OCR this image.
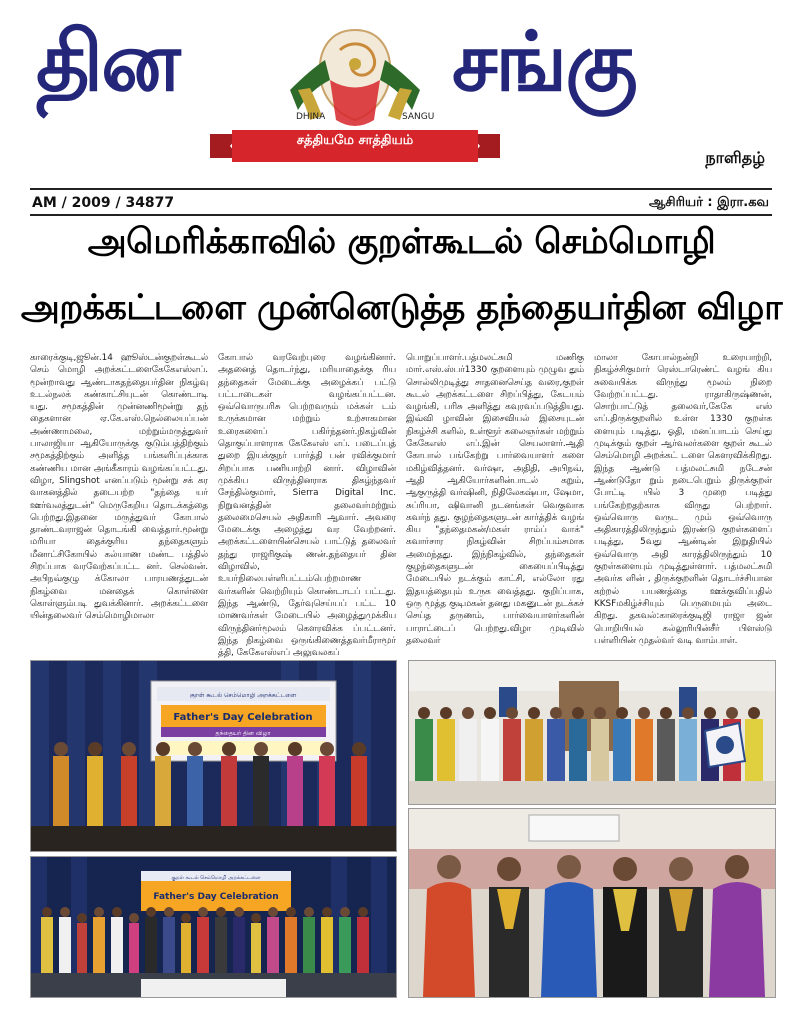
தின	சங்கு
DHINA	SANGU
சத்தியமே சாத்தியம்
நாளிதழ்
AM / 2009 / 34877	ஆசிரியர் : இரா.கவ
அமெரிக்காவில் குறள்கூடல் செம்மொழி
அறக்கட்டளை முன்னெடுத்த தந்தையர்தின விழா
காரைக்குடி,ஜூன்.14 ஹூஸ்டன்குறள்கூடல் செம் மொழி அறக்கட்டளைகேகேஎஸ்எப். மூன்றாவது ஆண்டாகதந்தையர்தின நிகழ்வு உடல்நலக் கண்காட்சியுடன் கொண்டாடி யது. சமூகத்தின் முன்னணிமூன்று தந் தைகளான ஏ.கே.எஸ்.நெல்லையப்பன் அண்ணாமலை, மற்றும்மருத்துவர் பாலாஜியா ஆகியோருக்கு குடும்பத்திற்கும் சமூகத்திற்கும் அளித்த பங்களிப்புக்காக கண்ணிய மான அங்கீகாரம் வழங்கப்பட்டது. விழா, Slingshot எனப்படும் மூன்று சக் கர வாகனத்தில் தடையற்ற "தந்தை யர் ஊர்வலத்துடன்" மெருகேறிய தொடக்கத்தை பெற்றது.இதனை மருத்துவர் கோபால் தாண்டவராஜன் தொடங்கி வைத்தார்.மூன்று மரியா தைக்குரிய தந்தைகளும் மீனாட்சிகோயில் கல்யாண மண்ட பத்தில் சிறப்பாக வரவேற்கப்பட்ட னர். செல்வன். அபிநவ்குழு க்கோலா பாரயணத்துடன் நிகழ்வை மனதைக் கொள்ளை கொள்ளும்படி துவக்கினார். அறக்கட்டளை யின்தலைவர் செம்மொழிமாலா
கோபால் வரவேற்புரை வழங்கினார். அதனைத் தொடர்ந்து, மரியாதைக்கு ரிய தந்தைகள் மேடைக்கு அழைக்கப் பட்டு பட்டாடைகள் வழங்கப்பட்டன. ஒவ்வொருபரிசு பெற்றவரும் மக்கள் டம் உருக்கமான மற்றும் உற்சாகமான உரைகளைப் பகிர்ந்தனர்.நிகழ்வின் தொகுப்பாளராக கேகேஎஸ் எப். படைப்புத் துறை இயக்குநர் பார்த்தி பன் ரவிக்குமார் சிறப்பாக பணியாற்றி னார். விழாவின் முக்கிய விருந்தினராக திகழ்ந்தவர் சேந்தில்குமார், Sierra Digital Inc. நிறுவனத்தின் தலைவர்மற்றும் தலைமைசெயல் அதிகாரி ஆவார். அவரை மேடைக்கு அழைத்து வர வேற்றனர். அறக்கட்டளையின்செயல் பாட்டுத் தலைவர் தந்து ராஜரிகுஷ் ணன்.தந்தையர் தின விழாவில், உயர்நிலைபள்ளிபட்டம்பெற்றமாண வர்களின் வெற்றியும் கொண்டாடப் பட்டது. இந்த ஆண்டு, தேர்வுசெய்யப் பட்ட 10 மாணவர்கள் மேடையில் அழைத்துமுக்கிய விருந்தினர்மூலம் கௌரவிக்க ப்பட்டனர். இந்த நிகழ்வை ஒருங்கிணைத்தவர்மீராமூர் த்தி, கேகேஎஸ்எப் அலுவலகப்
பொறுப்பாளர்.பத்மலட்சுமி மணிகு மார்.எஸ்.ஸ்பர்1330 குறளையும் முழுவ தும் சொல்லிமுடித்து சாதனைசெய்த வரை,குறள் கூடல் அறக்கட்டளை சிறப்பித்து, கேடயம் வழங்கி, பரிசு அளித்து கவுரவப்படுத்தியது. இவ்வி ழாவின் இசைவியல் இசையுடன் நிகழ்ச்சி களில், உள்ளூர் கலைஞர்கள் மற்றும் கேகேஎஸ் எப்.இன் செயலாளர்.ஆதி கோபால் பங்கேற்று பார்வையாளர் களை மகிழ்வித்தனர். வர்ஷா, அதிதி, அபிநவ், ஆதி ஆகியோர்களின்பாடல் கறும், ஆகுருத்தி வர்ஷினி, நிதிலேகஷ்யா, ஷேமா, சுப்ரியா, ஷிவானி நடனங்கள் வெகுவாக கவர்ந் தது. குழந்தைகளுடன் கார்த்திக் வழங் கிய "தந்தைமகன்/மகள் ராம்ப் வாக்" கவார்சார நிகழ்வின் சிறப்பம்சமாக அமைந்தது. இந்நிகழ்வில், தந்தைகள் குழந்தைகளுடன் கையைப்பிடித்து மேடையில் நடக்கும் காட்சி, எல்லோ ரது இதயத்தையும் உருக வைத்தது. குறிப்பாக, ஒரு மூத்த குடிமகன் தனது மகனுடன் நடக்கச் செய்த தருணம், பார்வையாளர்களின் பாராட்டைப் பெற்றது.விழா முடிவில் தலைவர்
மாலா கோபால்நன்றி உரையாற்றி, நிகழ்ச்சிகுமார் ரெஸ்டாரெண்ட் வழங் கிய சுவையிக்க விருந்து மூலம் நிறை வேற்றப்பட்டது. ராதாகிருஷ்ணன், சொற்பாட்டுத் தலைவர்,கேகே எஸ் எப்.திருக்குறளில் உள்ள 1330 குறள்க ளையும் படித்து, ஓதி, மனப்பாடம் செய்து முடிக்கும் குறள் ஆர்வலர்களை குறள் கூடல் செம்மொழி அறக்கட் டளை கௌரவிக்கிறது. இந்த ஆண்டு பத்மலட்சுமி நடேசன் ஆண்டுதோ றும் நடைபெறும் திருக்குறள் போட்டி யில் 3 முறை படித்து பங்கேற்றதற்காக விருது பெற்றார். ஒவ்வொரு வருட மும் ஒவ்வொரு அதிகாரத்திலிருந்தும் இரண்டு குறள்களைப் படித்து, 5வது ஆண்டின் இறுதியில் ஒவ்வொரு அதி காரத்திலிருந்தும் 10 குறள்களையும் முடித்துள்ளார். பத்மலட்சுமி அவர்க ளின் , திருக்குறளின் தொடர்ச்சியான கற்றல் பயணத்தை ஊக்குவிப்பதில் KKSFமகிழ்ச்சியும் பெருமையும் அடை கிறது. தகவல்:காரைக்குடிஜி ராஜா ஜன் பொறியியல் கல்லூரியின்சீர் பிளஸ்டு பள்ளியின் முதல்வர் வடி வாம்பாள்.
குறள் கூடல் செம்மொழி அறக்கட்டளை
Father's Day Celebration
தந்தையர் தின விழா
குறள் கூடல் செம்மொழி அறக்கட்டளை
Father's Day Celebration
